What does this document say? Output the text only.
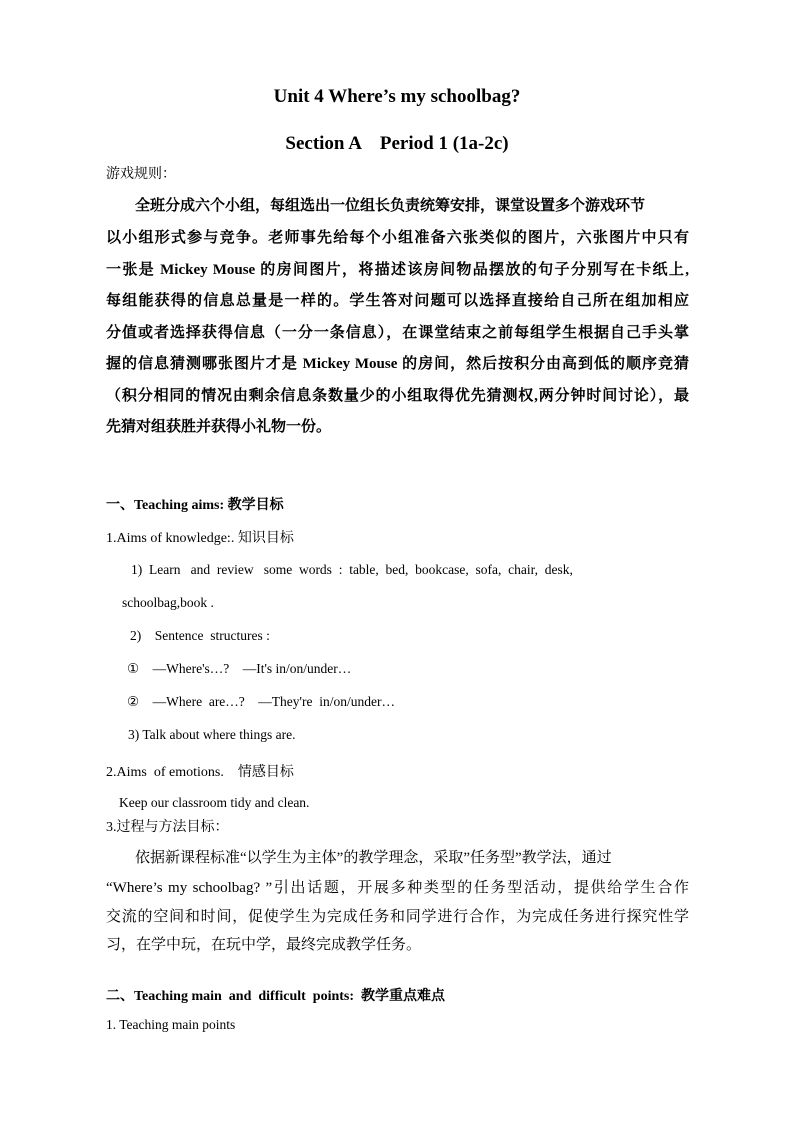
Unit 4 Where’s my schoolbag?
Section A　Period 1 (1a-2c)
游戏规则：
全班分成六个小组，每组选出一位组长负责统筹安排，课堂设置多个游戏环节
以小组形式参与竞争。老师事先给每个小组准备六张类似的图片，六张图片中只有
一张是 Mickey Mouse 的房间图片，将描述该房间物品摆放的句子分别写在卡纸上,
每组能获得的信息总量是一样的。学生答对问题可以选择直接给自己所在组加相应
分值或者选择获得信息（一分一条信息），在课堂结束之前每组学生根据自己手头掌
握的信息猜测哪张图片才是 Mickey Mouse 的房间，然后按积分由高到低的顺序竞猜
（积分相同的情况由剩余信息条数量少的小组取得优先猜测权,两分钟时间讨论），最
先猜对组获胜并获得小礼物一份。
一、Teaching aims: 教学目标
1.Aims of knowledge:. 知识目标
1)  Learn   and  review   some  words  :  table,  bed,  bookcase,  sofa,  chair,  desk,
schoolbag,book .
2)    Sentence  structures :
①    —Where's…?    —It's in/on/under…
②    —Where  are…?    —They're  in/on/under…
3) Talk about where things are.
2.Aims  of emotions.    情感目标
Keep our classroom tidy and clean.
3.过程与方法目标：
依据新课程标准“以学生为主体”的教学理念，采取”任务型”教学法，通过
“Where’s my schoolbag? ”引出话题，开展多种类型的任务型活动，提供给学生合作
交流的空间和时间，促使学生为完成任务和同学进行合作，为完成任务进行探究性学
习，在学中玩，在玩中学，最终完成教学任务。
二、Teaching main  and  difficult  points:  教学重点难点
1. Teaching main points
